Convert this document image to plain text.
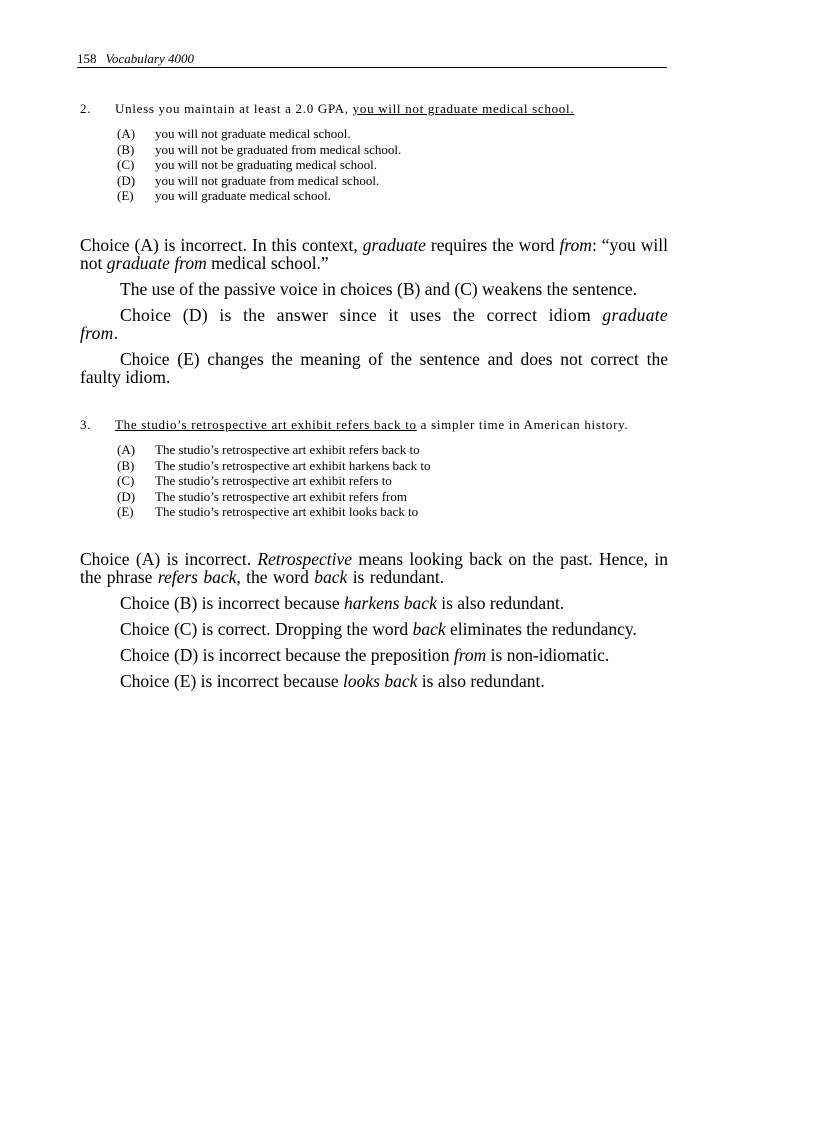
158 Vocabulary 4000
2. Unless you maintain at least a 2.0 GPA, you will not graduate medical school.
(A) you will not graduate medical school.
(B) you will not be graduated from medical school.
(C) you will not be graduating medical school.
(D) you will not graduate from medical school.
(E) you will graduate medical school.

Choice (A) is incorrect. In this context, graduate requires the word from: “you will not graduate from medical school.”

The use of the passive voice in choices (B) and (C) weakens the sentence.

Choice (D) is the answer since it uses the correct idiom graduate from.

Choice (E) changes the meaning of the sentence and does not correct the faulty idiom.

3. The studio’s retrospective art exhibit refers back to a simpler time in American history.
(A) The studio’s retrospective art exhibit refers back to
(B) The studio’s retrospective art exhibit harkens back to
(C) The studio’s retrospective art exhibit refers to
(D) The studio’s retrospective art exhibit refers from
(E) The studio’s retrospective art exhibit looks back to

Choice (A) is incorrect. Retrospective means looking back on the past. Hence, in the phrase refers back, the word back is redundant.

Choice (B) is incorrect because harkens back is also redundant.

Choice (C) is correct. Dropping the word back eliminates the redundancy.

Choice (D) is incorrect because the preposition from is non-idiomatic.

Choice (E) is incorrect because looks back is also redundant.
